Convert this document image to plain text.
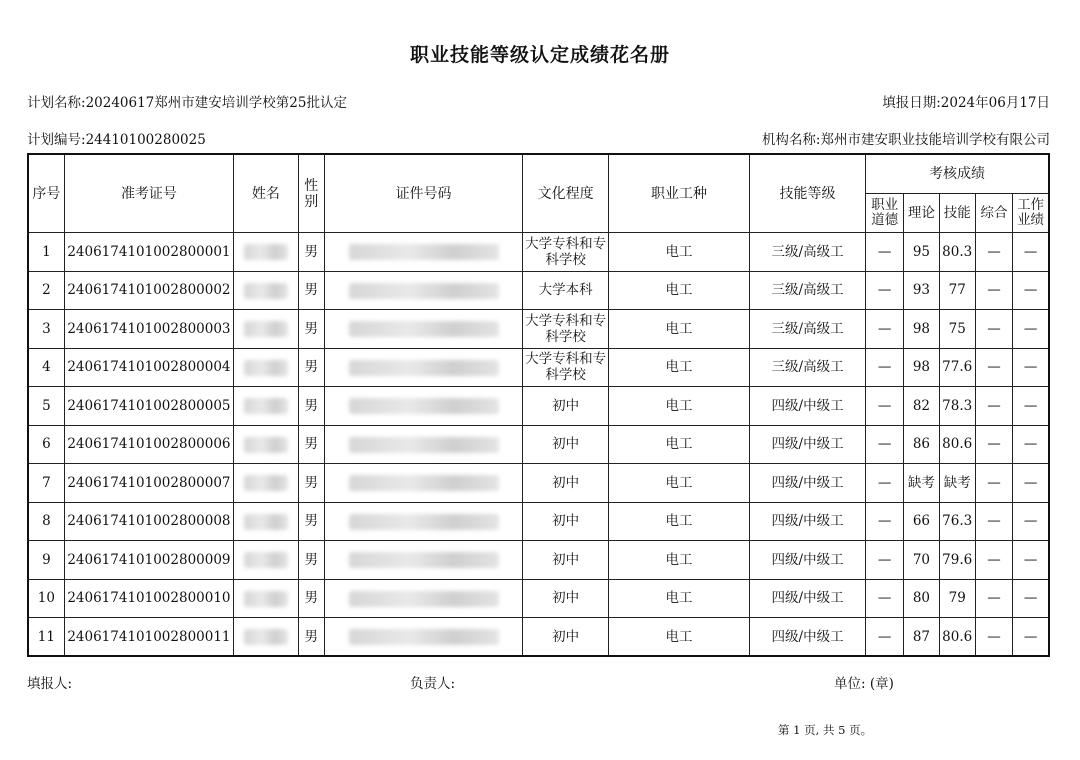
职业技能等级认定成绩花名册
计划名称:20240617郑州市建安培训学校第25批认定	填报日期:2024年06月17日
计划编号:24410100280025	机构名称:郑州市建安职业技能培训学校有限公司
序号	准考证号	姓名	性别	证件号码	文化程度	职业工种	技能等级	考核成绩				
								职业道德	理论	技能	综合	工作业绩
1	2406174101002800001		男		大学专科和专科学校	电工	三级/高级工	—	95	80.3	—	—
2	2406174101002800002		男		大学本科	电工	三级/高级工	—	93	77	—	—
3	2406174101002800003		男		大学专科和专科学校	电工	三级/高级工	—	98	75	—	—
4	2406174101002800004		男		大学专科和专科学校	电工	三级/高级工	—	98	77.6	—	—
5	2406174101002800005		男		初中	电工	四级/中级工	—	82	78.3	—	—
6	2406174101002800006		男		初中	电工	四级/中级工	—	86	80.6	—	—
7	2406174101002800007		男		初中	电工	四级/中级工	—	缺考	缺考	—	—
8	2406174101002800008		男		初中	电工	四级/中级工	—	66	76.3	—	—
9	2406174101002800009		男		初中	电工	四级/中级工	—	70	79.6	—	—
10	2406174101002800010		男		初中	电工	四级/中级工	—	80	79	—	—
11	2406174101002800011		男		初中	电工	四级/中级工	—	87	80.6	—	—
填报人:	负责人:	单位: (章)
第 1 页, 共 5 页。
